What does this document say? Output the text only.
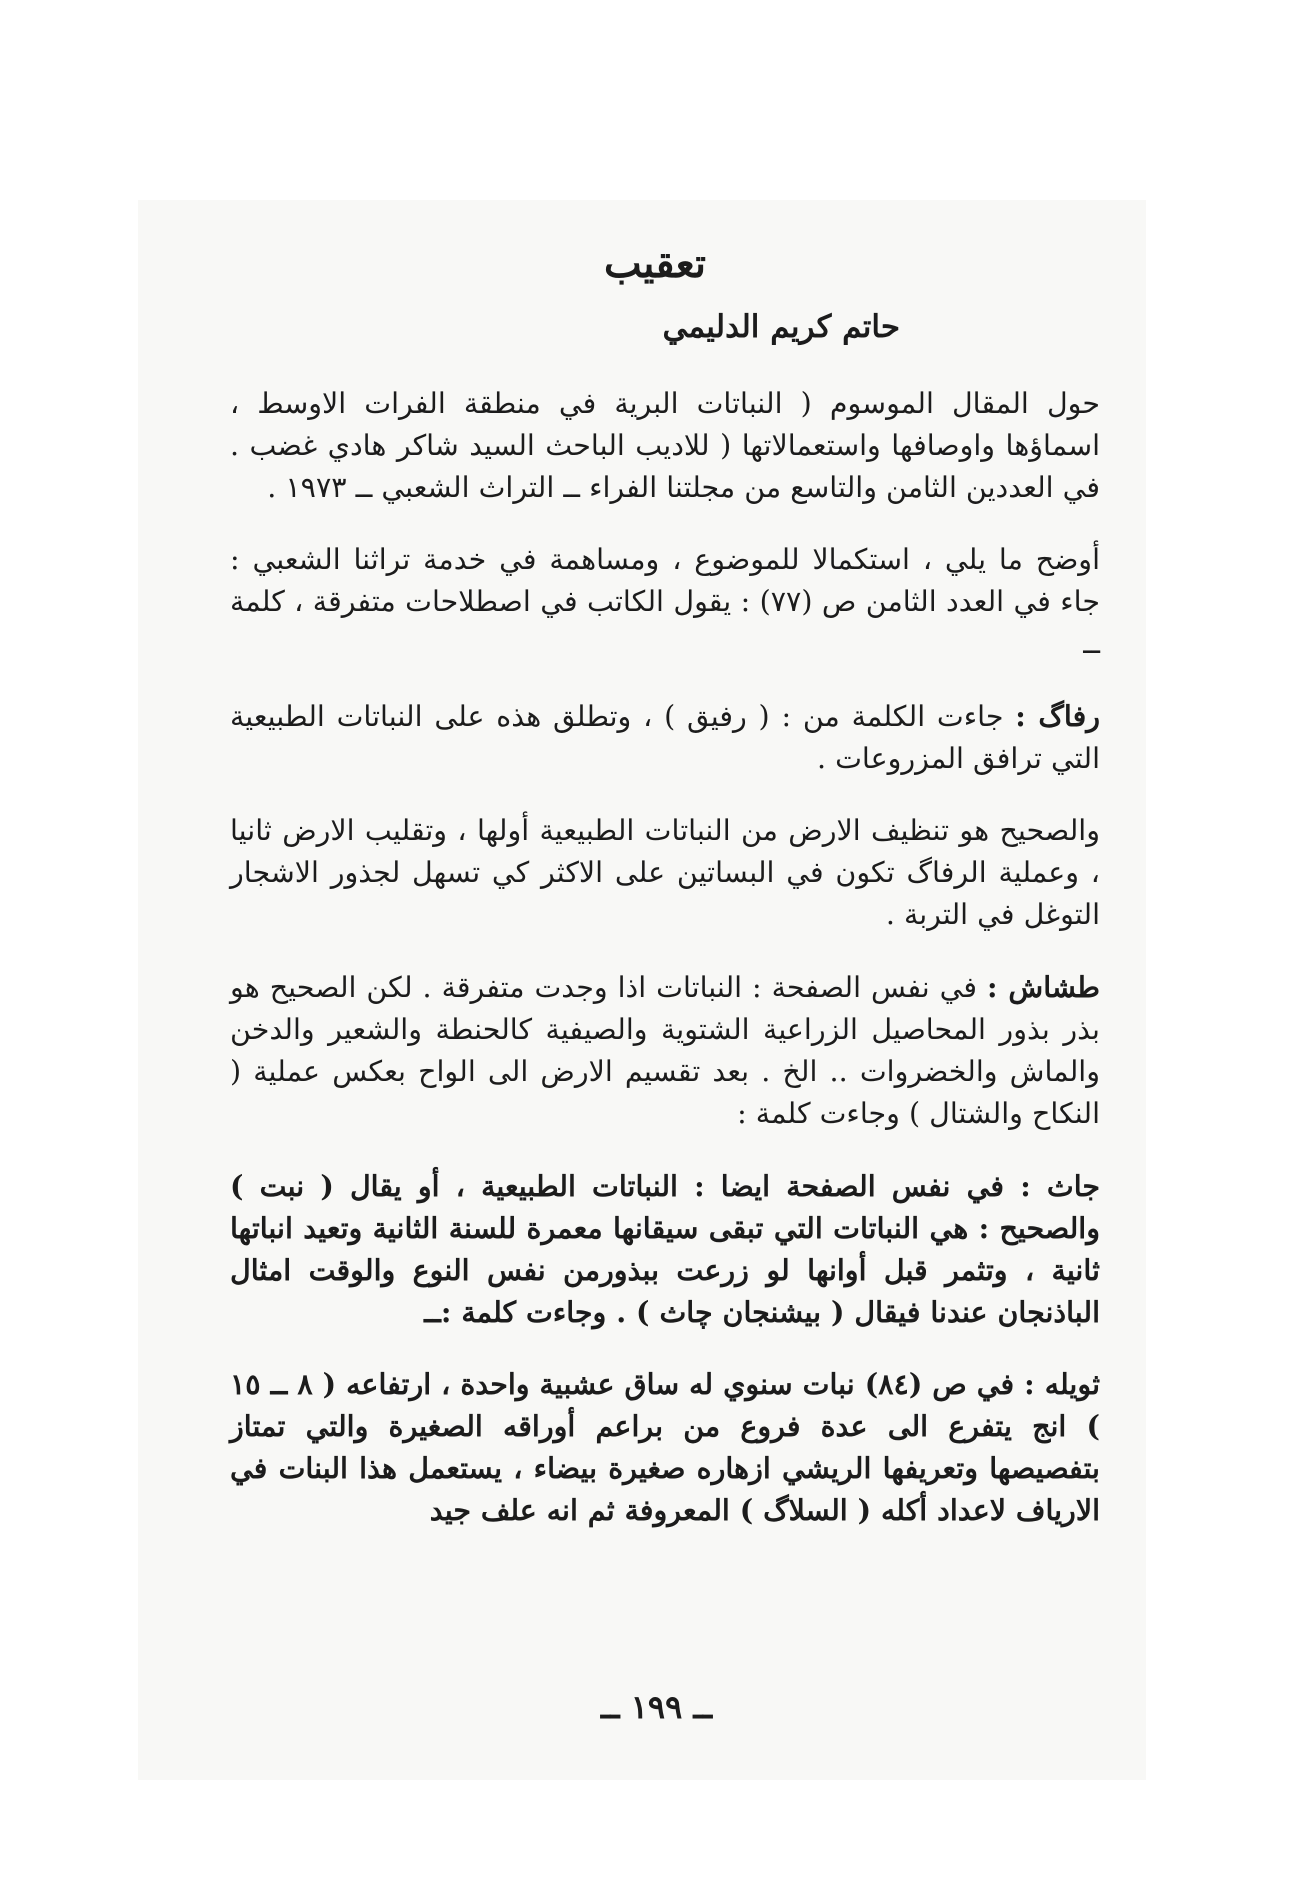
تعقيب
حاتم كريم الدليمي

حول المقال الموسوم ( النباتات البرية في منطقة الفرات الاوسط ، اسماؤها واوصافها واستعمالاتها ( للاديب الباحث السيد شاكر هادي غضب . في العددين الثامن والتاسع من مجلتنا الفراء ــ التراث الشعبي ــ ١٩٧٣ .

أوضح ما يلي ، استكمالا للموضوع ، ومساهمة في خدمة تراثنا الشعبي : جاء في العدد الثامن ص (٧٧) : يقول الكاتب في اصطلاحات متفرقة ، كلمة ــ

رفاگ : جاءت الكلمة من : ( رفيق ) ، وتطلق هذه على النباتات الطبيعية التي ترافق المزروعات .

والصحيح هو تنظيف الارض من النباتات الطبيعية أولها ، وتقليب الارض ثانيا ، وعملية الرفاگ تكون في البساتين على الاكثر كي تسهل لجذور الاشجار التوغل في التربة .

طشاش : في نفس الصفحة : النباتات اذا وجدت متفرقة . لكن الصحيح هو بذر بذور المحاصيل الزراعية الشتوية والصيفية كالحنطة والشعير والدخن والماش والخضروات .. الخ . بعد تقسيم الارض الى الواح بعكس عملية ( النكاح والشتال ) وجاءت كلمة :

جاث : في نفس الصفحة ايضا : النباتات الطبيعية ، أو يقال ( نبت ) والصحيح : هي النباتات التي تبقى سيقانها معمرة للسنة الثانية وتعيد انباتها ثانية ، وتثمر قبل أوانها لو زرعت ببذورمن نفس النوع والوقت امثال الباذنجان عندنا فيقال ( بيشنجان چاث ) . وجاءت كلمة :ــ

ثويله : في ص (٨٤) نبات سنوي له ساق عشبية واحدة ، ارتفاعه ( ٨ ــ ١٥ ) انج يتفرع الى عدة فروع من براعم أوراقه الصغيرة والتي تمتاز بتفصيصها وتعريفها الريشي ازهاره صغيرة بيضاء ، يستعمل هذا البنات في الارياف لاعداد أكله ( السلاگ ) المعروفة ثم انه علف جيد

ــ ١٩٩ ــ
